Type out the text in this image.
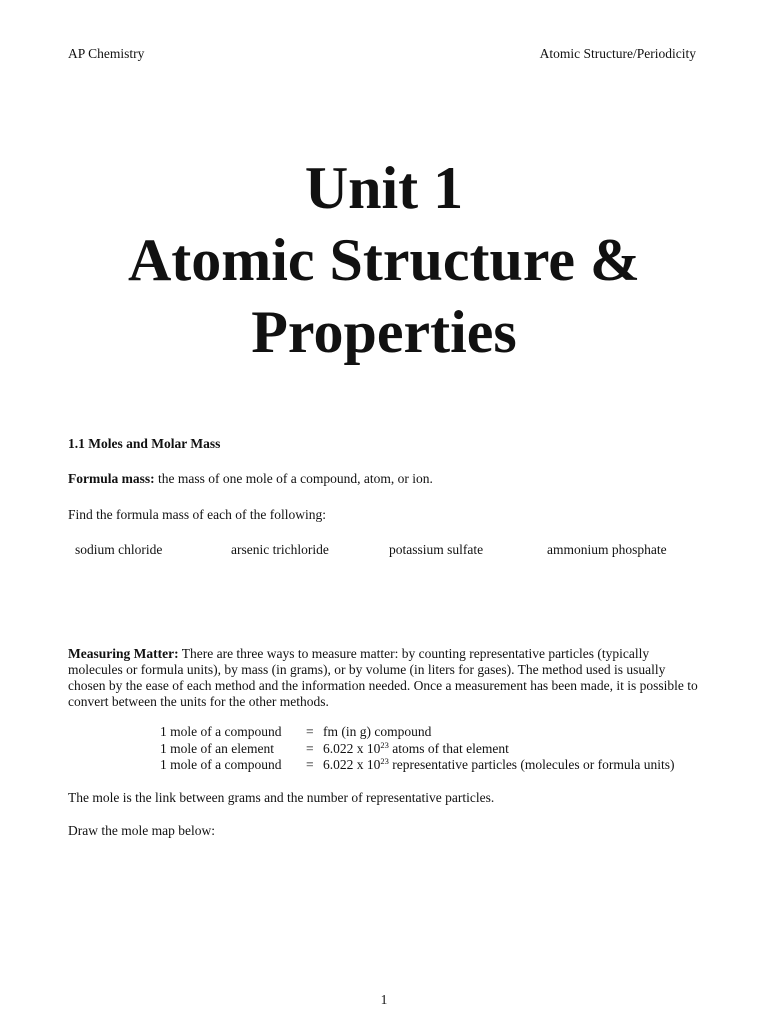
AP Chemistry	Atomic Structure/Periodicity
Unit 1
Atomic Structure &
Properties
1.1 Moles and Molar Mass
Formula mass: the mass of one mole of a compound, atom, or ion.
Find the formula mass of each of the following:
sodium chloride	arsenic trichloride	potassium sulfate	ammonium phosphate
Measuring Matter: There are three ways to measure matter: by counting representative particles (typically molecules or formula units), by mass (in grams), or by volume (in liters for gases). The method used is usually chosen by the ease of each method and the information needed. Once a measurement has been made, it is possible to convert between the units for the other methods.
1 mole of a compound = fm (in g) compound
1 mole of an element = 6.022 x $10^{23}$ atoms of that element
1 mole of a compound = 6.022 x $10^{23}$ representative particles (molecules or formula units)
The mole is the link between grams and the number of representative particles.
Draw the mole map below:
1
